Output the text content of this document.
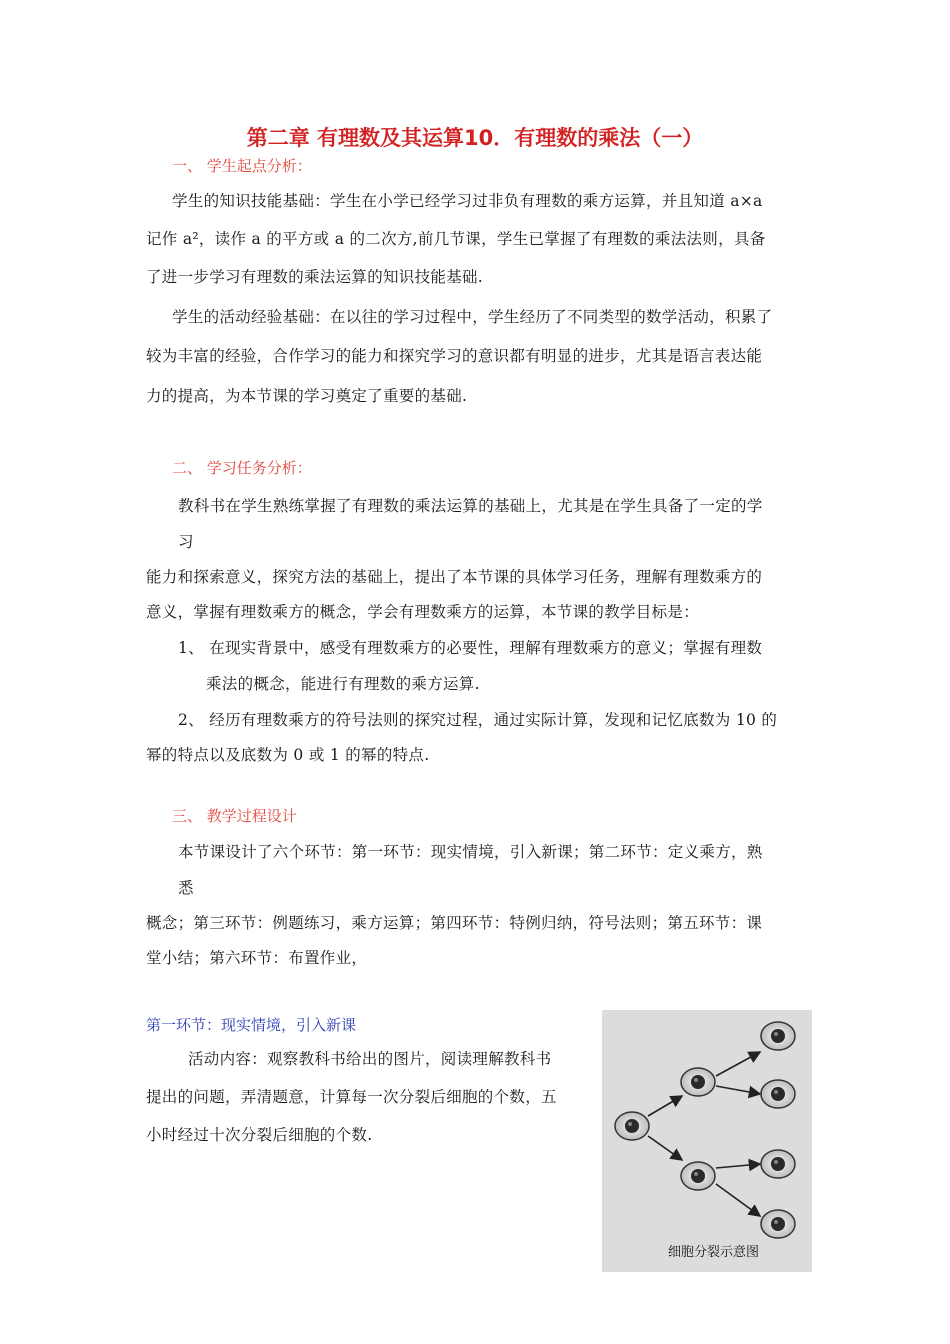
第二章 有理数及其运算10．有理数的乘法（一）
一、 学生起点分析：
学生的知识技能基础：学生在小学已经学习过非负有理数的乘方运算，并且知道 a×a
记作 a²，读作 a 的平方或 a 的二次方,前几节课，学生已掌握了有理数的乘法法则，具备
了进一步学习有理数的乘法运算的知识技能基础.
学生的活动经验基础：在以往的学习过程中，学生经历了不同类型的数学活动，积累了
较为丰富的经验，合作学习的能力和探究学习的意识都有明显的进步，尤其是语言表达能
力的提高，为本节课的学习奠定了重要的基础.
二、 学习任务分析：
教科书在学生熟练掌握了有理数的乘法运算的基础上，尤其是在学生具备了一定的学
习
能力和探索意义，探究方法的基础上，提出了本节课的具体学习任务，理解有理数乘方的
意义，掌握有理数乘方的概念，学会有理数乘方的运算，本节课的教学目标是：
1、 在现实背景中，感受有理数乘方的必要性，理解有理数乘方的意义；掌握有理数
乘法的概念，能进行有理数的乘方运算.
2、 经历有理数乘方的符号法则的探究过程，通过实际计算，发现和记忆底数为 10 的
幂的特点以及底数为 0 或 1 的幂的特点.
三、 教学过程设计
本节课设计了六个环节：第一环节：现实情境，引入新课；第二环节：定义乘方，熟
悉
概念；第三环节：例题练习，乘方运算；第四环节：特例归纳，符号法则；第五环节：课
堂小结；第六环节：布置作业，
第一环节：现实情境，引入新课
活动内容：观察教科书给出的图片，阅读理解教科书
提出的问题，弄清题意，计算每一次分裂后细胞的个数，五
小时经过十次分裂后细胞的个数.
细胞分裂示意图
